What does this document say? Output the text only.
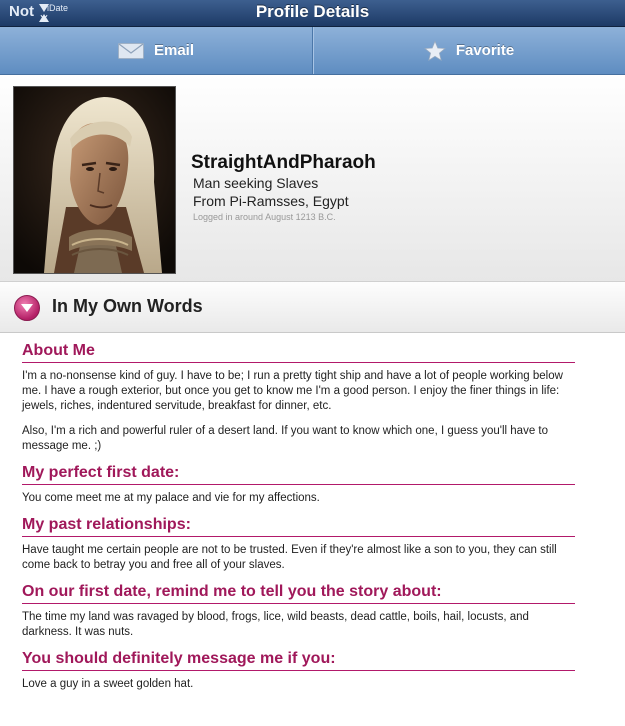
Not iDate	Profile Details
Email	Favorite
StraightAndPharaoh
Man seeking Slaves
From Pi-Ramsses, Egypt
Logged in around August 1213 B.C.
In My Own Words
About Me

I'm a no-nonsense kind of guy. I have to be; I run a pretty tight ship and have a lot of people working below me. I have a rough exterior, but once you get to know me I'm a good person. I enjoy the finer things in life: jewels, riches, indentured servitude, breakfast for dinner, etc.

Also, I'm a rich and powerful ruler of a desert land. If you want to know which one, I guess you'll have to message me. ;)

My perfect first date:

You come meet me at my palace and vie for my affections.

My past relationships:

Have taught me certain people are not to be trusted. Even if they're almost like a son to you, they can still come back to betray you and free all of your slaves.

On our first date, remind me to tell you the story about:

The time my land was ravaged by blood, frogs, lice, wild beasts, dead cattle, boils, hail, locusts, and darkness. It was nuts.

You should definitely message me if you:

Love a guy in a sweet golden hat.
